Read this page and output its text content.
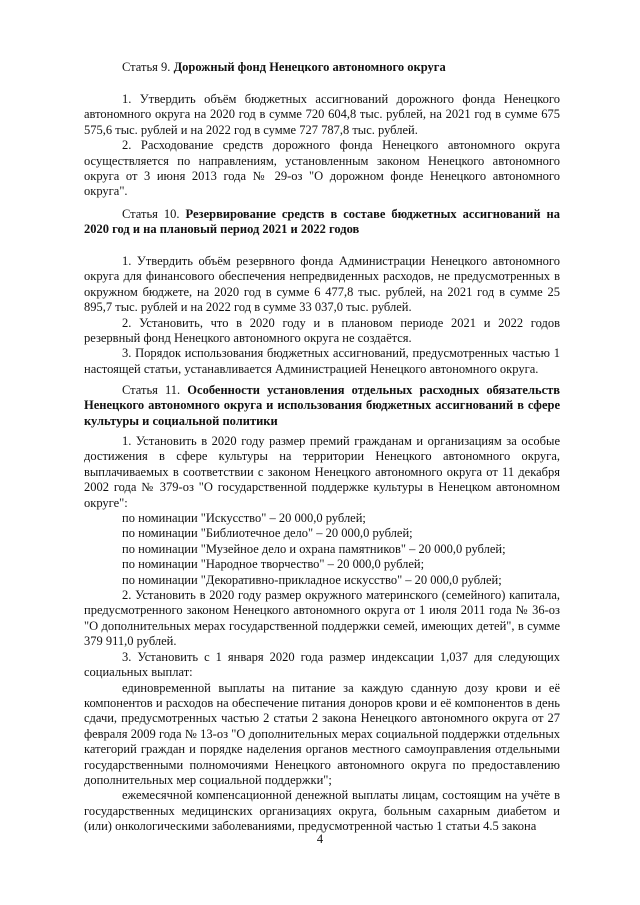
Статья 9. Дорожный фонд Ненецкого автономного округа

1. Утвердить объём бюджетных ассигнований дорожного фонда Ненецкого автономного округа на 2020 год в сумме 720 604,8 тыс. рублей, на 2021 год в сумме 675 575,6 тыс. рублей и на 2022 год в сумме 727 787,8 тыс. рублей.

2. Расходование средств дорожного фонда Ненецкого автономного округа осуществляется по направлениям, установленным законом Ненецкого автономного округа от 3 июня 2013 года № 29-оз "О дорожном фонде Ненецкого автономного округа".

Статья 10. Резервирование средств в составе бюджетных ассигнований на 2020 год и на плановый период 2021 и 2022 годов

1. Утвердить объём резервного фонда Администрации Ненецкого автономного округа для финансового обеспечения непредвиденных расходов, не предусмотренных в окружном бюджете, на 2020 год в сумме 6 477,8 тыс. рублей, на 2021 год в сумме 25 895,7 тыс. рублей и на 2022 год в сумме 33 037,0 тыс. рублей.

2. Установить, что в 2020 году и в плановом периоде 2021 и 2022 годов резервный фонд Ненецкого автономного округа не создаётся.

3. Порядок использования бюджетных ассигнований, предусмотренных частью 1 настоящей статьи, устанавливается Администрацией Ненецкого автономного округа.

Статья 11. Особенности установления отдельных расходных обязательств Ненецкого автономного округа и использования бюджетных ассигнований в сфере культуры и социальной политики

1. Установить в 2020 году размер премий гражданам и организациям за особые достижения в сфере культуры на территории Ненецкого автономного округа, выплачиваемых в соответствии с законом Ненецкого автономного округа от 11 декабря 2002 года № 379-оз "О государственной поддержке культуры в Ненецком автономном округе":

по номинации "Искусство" – 20 000,0 рублей;

по номинации "Библиотечное дело" – 20 000,0 рублей;

по номинации "Музейное дело и охрана памятников" – 20 000,0 рублей;

по номинации "Народное творчество" – 20 000,0 рублей;

по номинации "Декоративно-прикладное искусство" – 20 000,0 рублей;

2. Установить в 2020 году размер окружного материнского (семейного) капитала, предусмотренного законом Ненецкого автономного округа от 1 июля 2011 года № 36-оз "О дополнительных мерах государственной поддержки семей, имеющих детей", в сумме 379 911,0 рублей.

3. Установить с 1 января 2020 года размер индексации 1,037 для следующих социальных выплат:

единовременной выплаты на питание за каждую сданную дозу крови и её компонентов и расходов на обеспечение питания доноров крови и её компонентов в день сдачи, предусмотренных частью 2 статьи 2 закона Ненецкого автономного округа от 27 февраля 2009 года № 13-оз "О дополнительных мерах социальной поддержки отдельных категорий граждан и порядке наделения органов местного самоуправления отдельными государственными полномочиями Ненецкого автономного округа по предоставлению дополнительных мер социальной поддержки";

ежемесячной компенсационной денежной выплаты лицам, состоящим на учёте в государственных медицинских организациях округа, больным сахарным диабетом и (или) онкологическими заболеваниями, предусмотренной частью 1 статьи 4.5 закона

4
